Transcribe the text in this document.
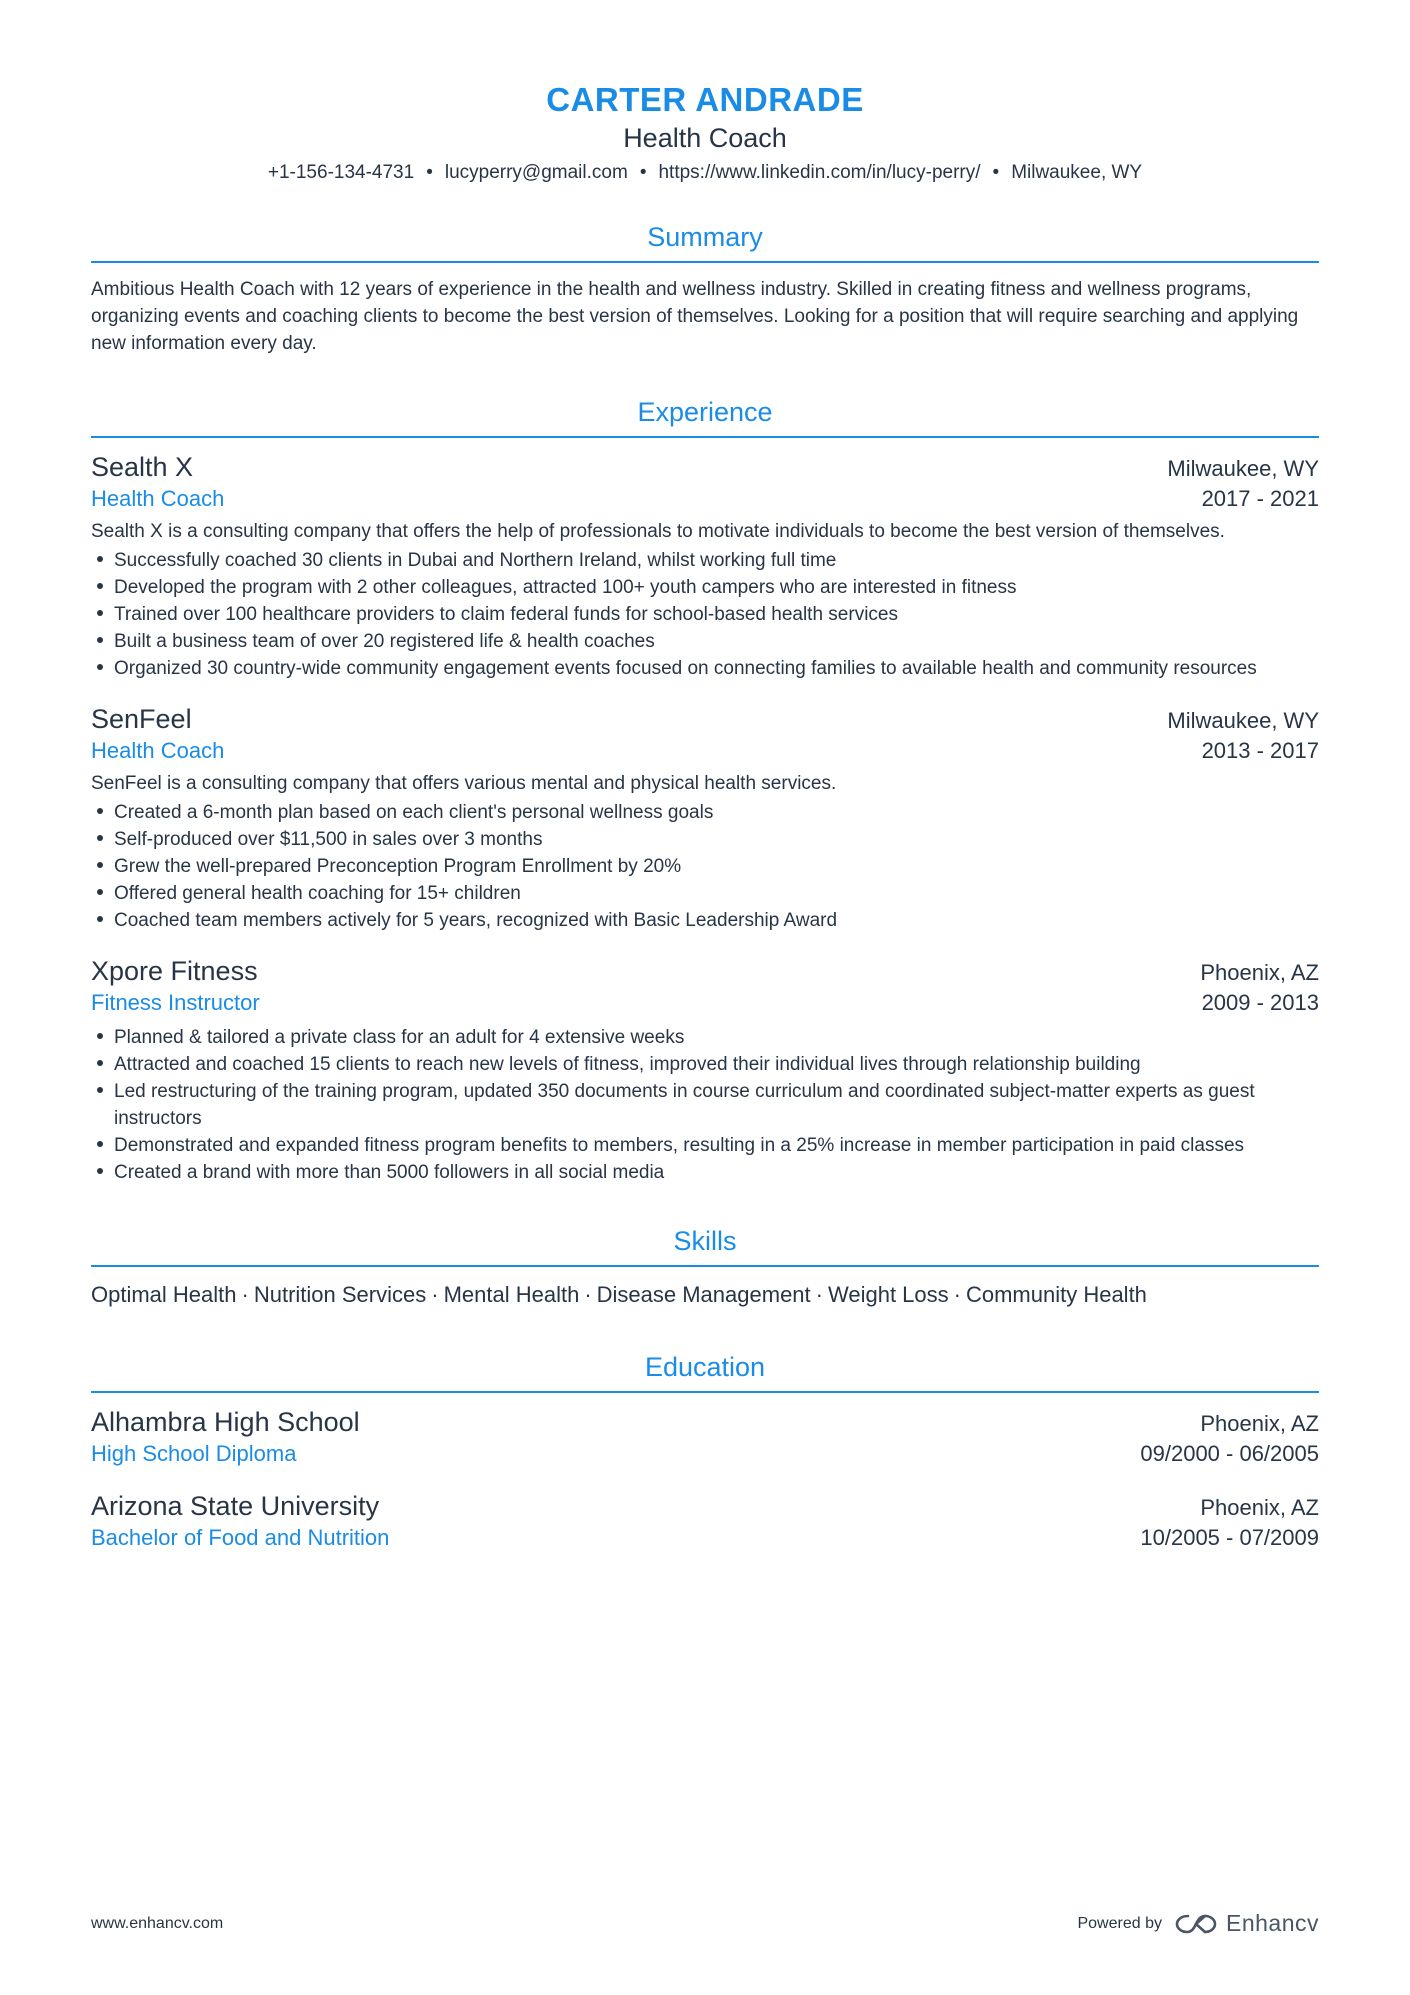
CARTER ANDRADE
Health Coach
+1-156-134-4731 • lucyperry@gmail.com • https://www.linkedin.com/in/lucy-perry/ • Milwaukee, WY
Summary
Ambitious Health Coach with 12 years of experience in the health and wellness industry. Skilled in creating fitness and wellness programs, organizing events and coaching clients to become the best version of themselves. Looking for a position that will require searching and applying new information every day.
Experience
Sealth X	Milwaukee, WY
Health Coach	2017 - 2021
Sealth X is a consulting company that offers the help of professionals to motivate individuals to become the best version of themselves.
Successfully coached 30 clients in Dubai and Northern Ireland, whilst working full time
Developed the program with 2 other colleagues, attracted 100+ youth campers who are interested in fitness
Trained over 100 healthcare providers to claim federal funds for school-based health services
Built a business team of over 20 registered life & health coaches
Organized 30 country-wide community engagement events focused on connecting families to available health and community resources
SenFeel	Milwaukee, WY
Health Coach	2013 - 2017
SenFeel is a consulting company that offers various mental and physical health services.
Created a 6-month plan based on each client's personal wellness goals
Self-produced over $11,500 in sales over 3 months
Grew the well-prepared Preconception Program Enrollment by 20%
Offered general health coaching for 15+ children
Coached team members actively for 5 years, recognized with Basic Leadership Award
Xpore Fitness	Phoenix, AZ
Fitness Instructor	2009 - 2013
Planned & tailored a private class for an adult for 4 extensive weeks
Attracted and coached 15 clients to reach new levels of fitness, improved their individual lives through relationship building
Led restructuring of the training program, updated 350 documents in course curriculum and coordinated subject-matter experts as guest instructors
Demonstrated and expanded fitness program benefits to members, resulting in a 25% increase in member participation in paid classes
Created a brand with more than 5000 followers in all social media
Skills
Optimal Health · Nutrition Services · Mental Health · Disease Management · Weight Loss · Community Health
Education
Alhambra High School	Phoenix, AZ
High School Diploma	09/2000 - 06/2005
Arizona State University	Phoenix, AZ
Bachelor of Food and Nutrition	10/2005 - 07/2009
www.enhancv.com	Powered by	Enhancv
